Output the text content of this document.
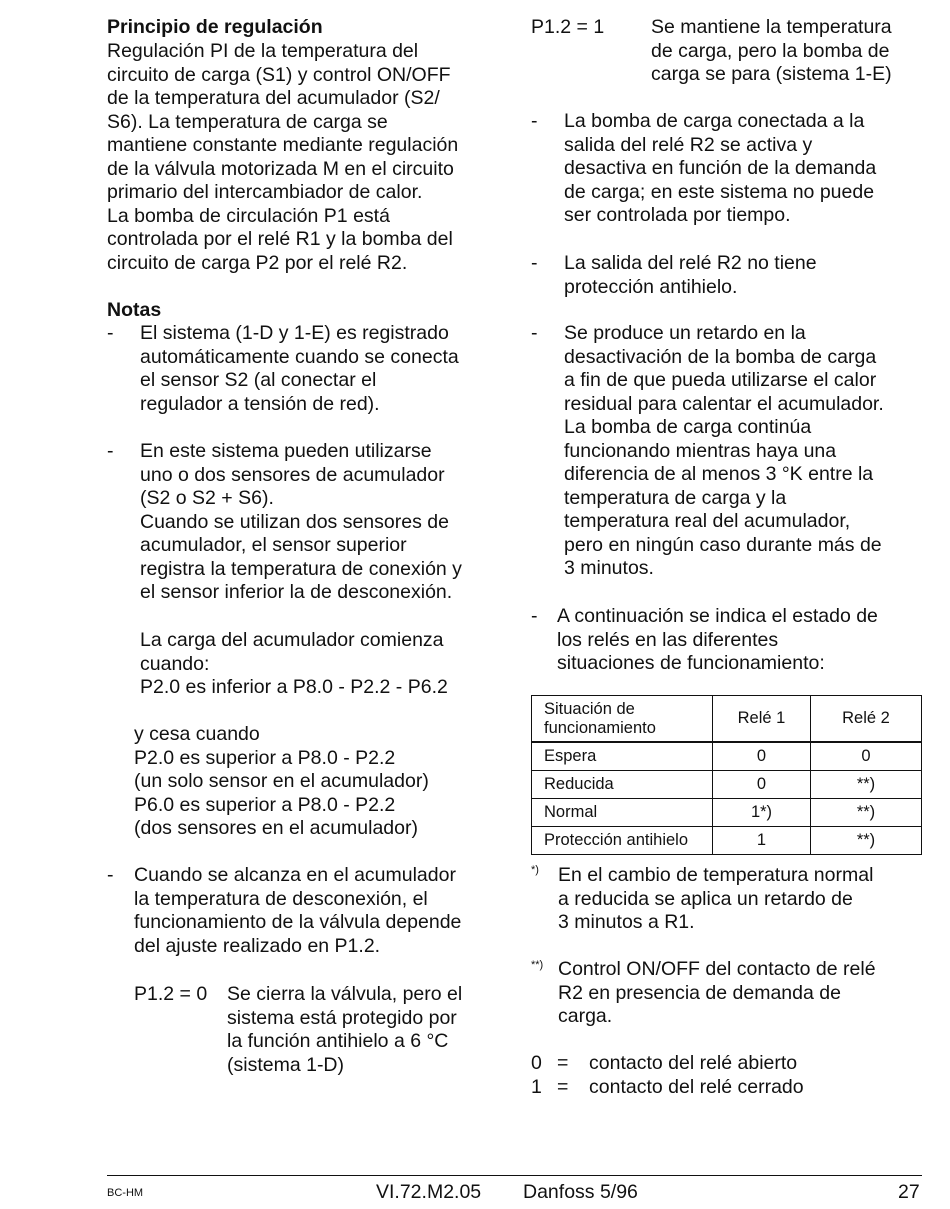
Principio de regulación
Regulación PI de la temperatura del
circuito de carga (S1) y control ON/OFF
de la temperatura del acumulador (S2/
S6). La temperatura de carga se
mantiene constante mediante regulación
de la válvula motorizada M en el circuito
primario del intercambiador de calor.
La bomba de circulación P1 está
controlada por el relé R1 y la bomba del
circuito de carga P2 por el relé R2.
Notas
- El sistema (1-D y 1-E) es registrado
automáticamente cuando se conecta
el sensor S2 (al conectar el
regulador a tensión de red).
- En este sistema pueden utilizarse
uno o dos sensores de acumulador
(S2 o S2 + S6).
Cuando se utilizan dos sensores de
acumulador, el sensor superior
registra la temperatura de conexión y
el sensor inferior la de desconexión.
La carga del acumulador comienza
cuando:
P2.0 es inferior a P8.0 - P2.2 - P6.2
y cesa cuando
P2.0 es superior a P8.0 - P2.2
(un solo sensor en el acumulador)
P6.0 es superior a P8.0 - P2.2
(dos sensores en el acumulador)
- Cuando se alcanza en el acumulador
la temperatura de desconexión, el
funcionamiento de la válvula depende
del ajuste realizado en P1.2.
P1.2 = 0 Se cierra la válvula, pero el
sistema está protegido por
la función antihielo a 6 °C
(sistema 1-D)
P1.2 = 1 Se mantiene la temperatura
de carga, pero la bomba de
carga se para (sistema 1-E)
- La bomba de carga conectada a la
salida del relé R2 se activa y
desactiva en función de la demanda
de carga; en este sistema no puede
ser controlada por tiempo.
- La salida del relé R2 no tiene
protección antihielo.
- Se produce un retardo en la
desactivación de la bomba de carga
a fin de que pueda utilizarse el calor
residual para calentar el acumulador.
La bomba de carga continúa
funcionando mientras haya una
diferencia de al menos 3 °K entre la
temperatura de carga y la
temperatura real del acumulador,
pero en ningún caso durante más de
3 minutos.
- A continuación se indica el estado de
los relés en las diferentes
situaciones de funcionamiento:
Situación de funcionamiento	Relé 1	Relé 2
Espera	0	0
Reducida	0	**)
Normal	1*)	**)
Protección antihielo	1	**)
*) En el cambio de temperatura normal
a reducida se aplica un retardo de
3 minutos a R1.
**) Control ON/OFF del contacto de relé
R2 en presencia de demanda de
carga.
0 = contacto del relé abierto
1 = contacto del relé cerrado
BC-HM	VI.72.M2.05 Danfoss 5/96	27
